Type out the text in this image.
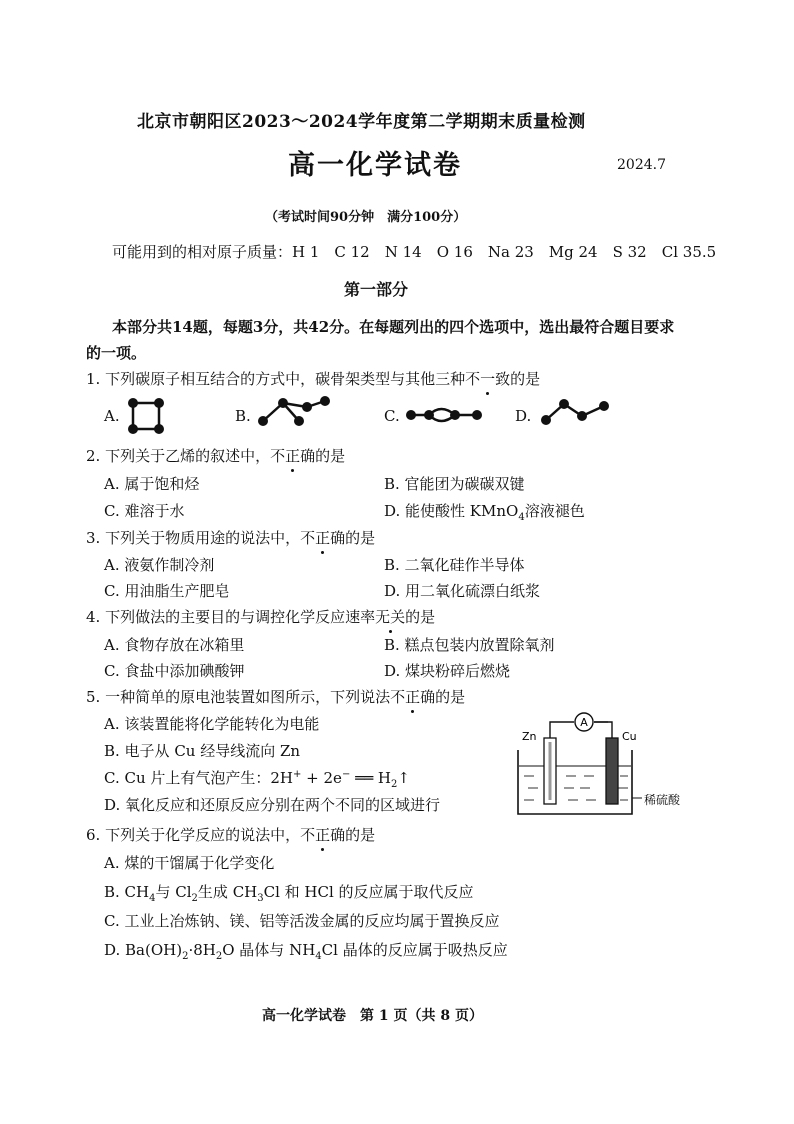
北京市朝阳区2023～2024学年度第二学期期末质量检测
高一化学试卷	2024.7
（考试时间90分钟　满分100分）
可能用到的相对原子质量：H 1　C 12　N 14　O 16　Na 23　Mg 24　S 32　Cl 35.5
第一部分
本部分共14题，每题3分，共42分。在每题列出的四个选项中，选出最符合题目要求
的一项。
1. 下列碳原子相互结合的方式中，碳骨架类型与其他三种不一致的是
A.	B.	C.	D.
2. 下列关于乙烯的叙述中，不正确的是
A. 属于饱和烃	B. 官能团为碳碳双键
C. 难溶于水	D. 能使酸性 KMnO$_4$溶液褪色
3. 下列关于物质用途的说法中，不正确的是
A. 液氨作制冷剂	B. 二氧化硅作半导体
C. 用油脂生产肥皂	D. 用二氧化硫漂白纸浆
4. 下列做法的主要目的与调控化学反应速率无关的是
A. 食物存放在冰箱里	B. 糕点包装内放置除氧剂
C. 食盐中添加碘酸钾	D. 煤块粉碎后燃烧
5. 一种简单的原电池装置如图所示，下列说法不正确的是
A. 该装置能将化学能转化为电能
B. 电子从 Cu 经导线流向 Zn
C. Cu 片上有气泡产生：2H+ + 2e− ══ $H_2↑$
D. 氧化反应和还原反应分别在两个不同的区域进行
A
Zn	Cu
稀硫酸
6. 下列关于化学反应的说法中，不正确的是
A. 煤的干馏属于化学变化
B. $CH_4$与 $Cl_2$生成 $CH_3Cl$ 和 HCl 的反应属于取代反应
C. 工业上冶炼钠、镁、铝等活泼金属的反应均属于置换反应
D. $Ba(OH)_2\cdot 8H_2O$ 晶体与 $NH_4Cl$ 晶体的反应属于吸热反应
高一化学试卷　第 1 页（共 8 页）
